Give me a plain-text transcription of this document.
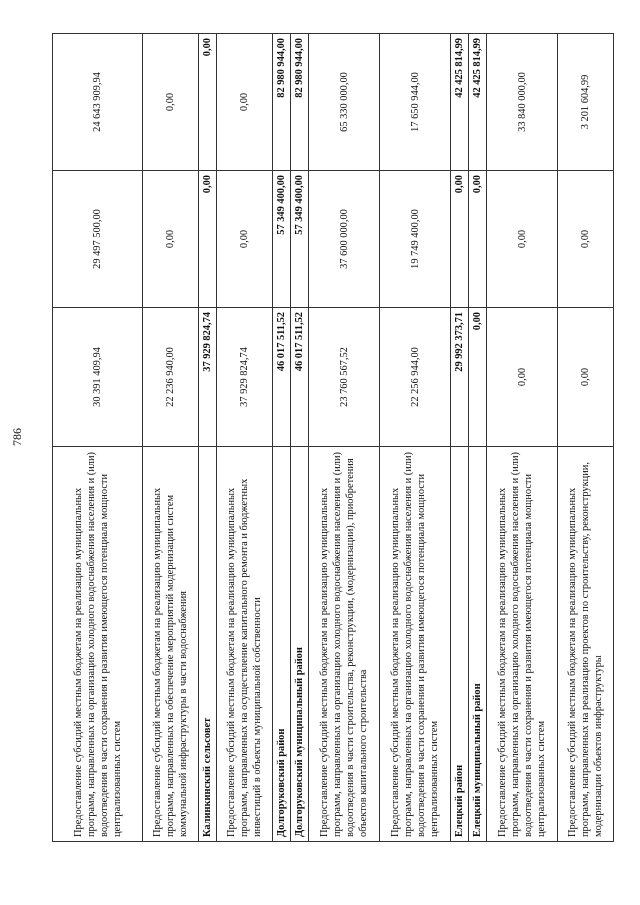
786
Предоставление субсидий местным бюджетам на реализацию муниципальных программ, направленных на организацию холодного водоснабжения населения и (или) водоотведения в части сохранения и развития имеющегося потенциала мощности централизованных систем	30 391 409,94	29 497 500,00	24 643 909,94
Предоставление субсидий местным бюджетам на реализацию муниципальных программ, направленных на обеспечение мероприятий модернизации систем коммунальной инфраструктуры в части водоснабжения	22 236 940,00	0,00	0,00
Калинкинский сельсовет	37 929 824,74	0,00	0,00
Предоставление субсидий местным бюджетам на реализацию муниципальных программ, направленных на осуществление капитального ремонта и бюджетных инвестиций в объекты муниципальной собственности	37 929 824,74	0,00	0,00
Долгоруковский район	46 017 511,52	57 349 400,00	82 980 944,00
Долгоруковский муниципальный район	46 017 511,52	57 349 400,00	82 980 944,00
Предоставление субсидий местным бюджетам на реализацию муниципальных программ, направленных на организацию холодного водоснабжения населения и (или) водоотведения в части строительства, реконструкции, (модернизации), приобретения объектов капитального строительства	23 760 567,52	37 600 000,00	65 330 000,00
Предоставление субсидий местным бюджетам на реализацию муниципальных программ, направленных на организацию холодного водоснабжения населения и (или) водоотведения в части сохранения и развития имеющегося потенциала мощности централизованных систем	22 256 944,00	19 749 400,00	17 650 944,00
Елецкий район	29 992 373,71	0,00	42 425 814,99
Елецкий муниципальный район	0,00	0,00	42 425 814,99
Предоставление субсидий местным бюджетам на реализацию муниципальных программ, направленных на организацию холодного водоснабжения населения и (или) водоотведения в части сохранения и развития имеющегося потенциала мощности централизованных систем	0,00	0,00	33 840 000,00
Предоставление субсидий местным бюджетам на реализацию муниципальных программ, направленных на реализацию проектов по строительству, реконструкции, модернизации объектов инфраструктуры	0,00	0,00	3 201 604,99
